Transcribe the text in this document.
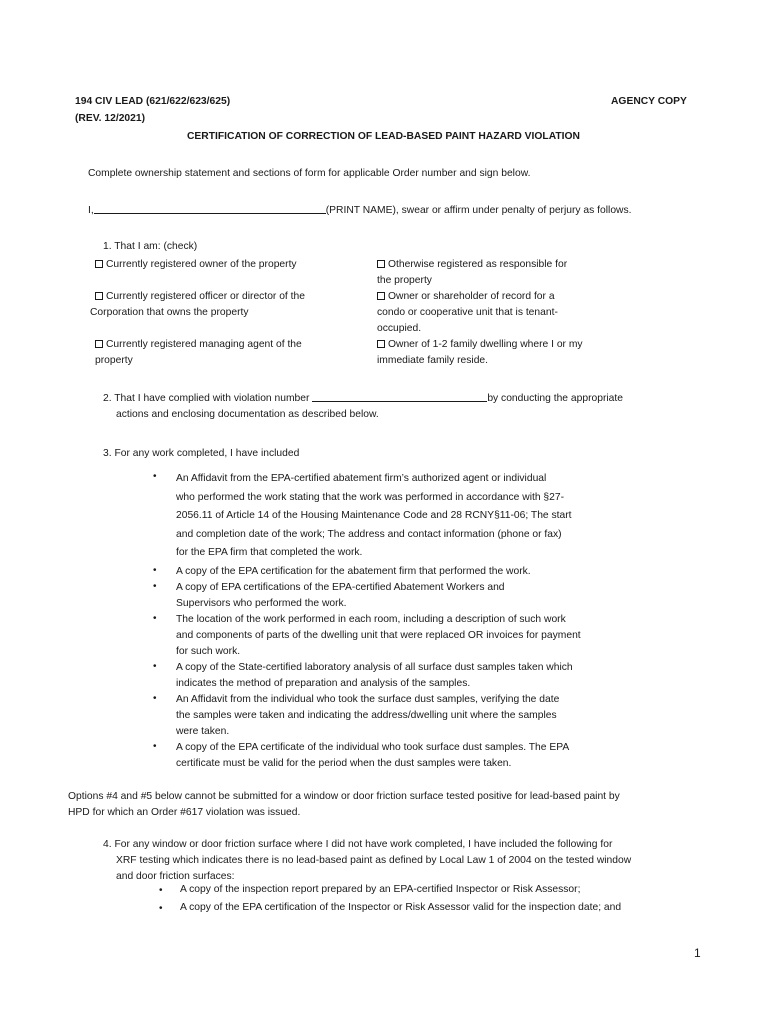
194 CIV LEAD (621/622/623/625)
(REV. 12/2021)
AGENCY COPY
CERTIFICATION OF CORRECTION OF LEAD-BASED PAINT HAZARD VIOLATION
Complete ownership statement and sections of form for applicable Order number and sign below.
I,	(PRINT NAME), swear or affirm under penalty of perjury as follows.
1. That I am: (check)
Currently registered owner of the property
Currently registered officer or director of the
Corporation that owns the property
Currently registered managing agent of the
property
Otherwise registered as responsible for
the property
Owner or shareholder of record for a
condo or cooperative unit that is tenant-
occupied.
Owner of 1-2 family dwelling where I or my
immediate family reside.
2. That I have complied with violation number	by conducting the appropriate
actions and enclosing documentation as described below.
3. For any work completed, I have included
• An Affidavit from the EPA-certified abatement firm’s authorized agent or individual
who performed the work stating that the work was performed in accordance with §27-
2056.11 of Article 14 of the Housing Maintenance Code and 28 RCNY§11-06; The start
and completion date of the work; The address and contact information (phone or fax)
for the EPA firm that completed the work.
• A copy of the EPA certification for the abatement firm that performed the work.
• A copy of EPA certifications of the EPA-certified Abatement Workers and
Supervisors who performed the work.
• The location of the work performed in each room, including a description of such work
and components of parts of the dwelling unit that were replaced OR invoices for payment
for such work.
• A copy of the State-certified laboratory analysis of all surface dust samples taken which
indicates the method of preparation and analysis of the samples.
• An Affidavit from the individual who took the surface dust samples, verifying the date
the samples were taken and indicating the address/dwelling unit where the samples
were taken.
• A copy of the EPA certificate of the individual who took surface dust samples. The EPA
certificate must be valid for the period when the dust samples were taken.
Options #4 and #5 below cannot be submitted for a window or door friction surface tested positive for lead-based paint by
HPD for which an Order #617 violation was issued.
4. For any window or door friction surface where I did not have work completed, I have included the following for
XRF testing which indicates there is no lead-based paint as defined by Local Law 1 of 2004 on the tested window
and door friction surfaces:
• A copy of the inspection report prepared by an EPA-certified Inspector or Risk Assessor;
• A copy of the EPA certification of the Inspector or Risk Assessor valid for the inspection date; and
1
